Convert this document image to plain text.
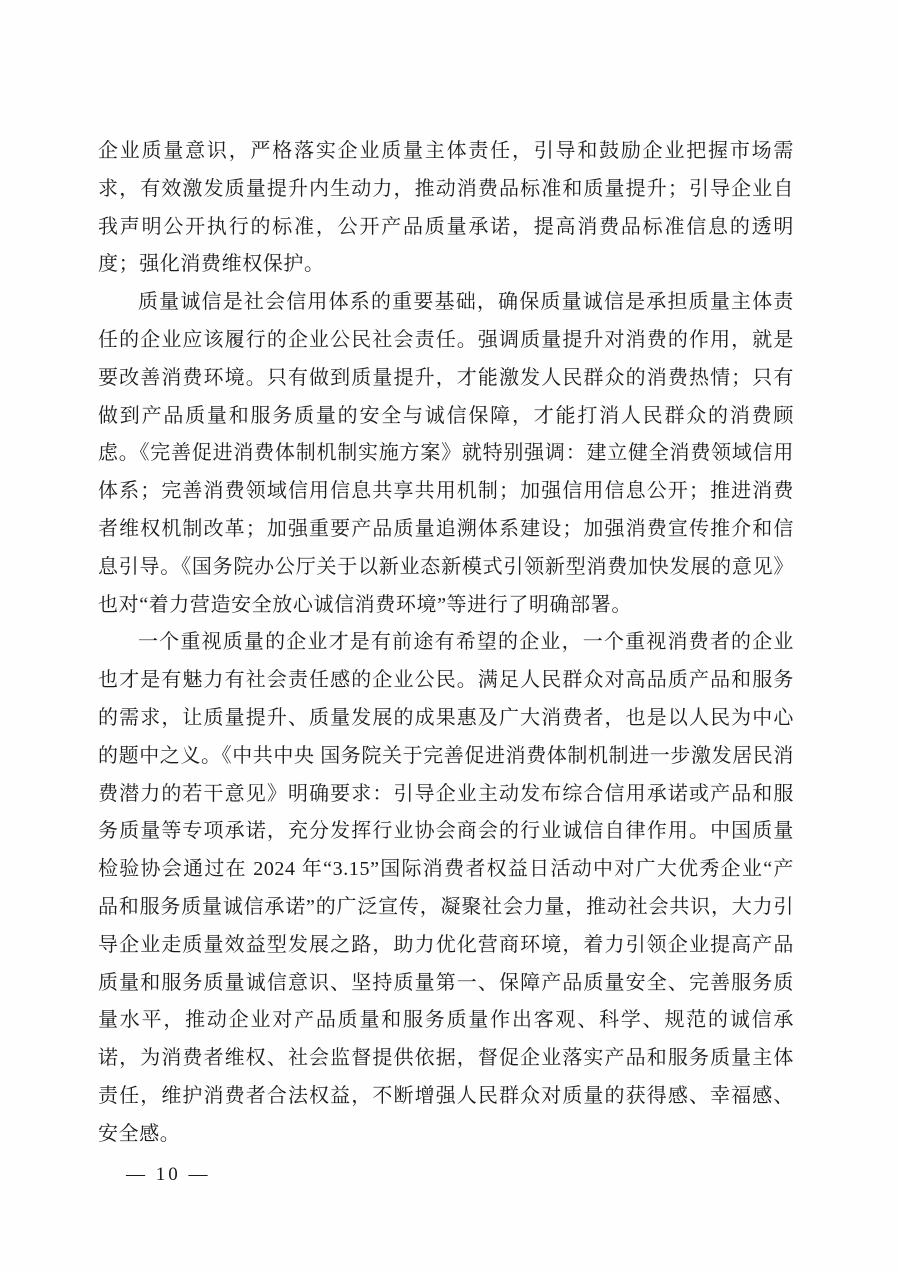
企业质量意识，严格落实企业质量主体责任，引导和鼓励企业把握市场需求，有效激发质量提升内生动力，推动消费品标准和质量提升；引导企业自我声明公开执行的标准，公开产品质量承诺，提高消费品标准信息的透明度；强化消费维权保护。

质量诚信是社会信用体系的重要基础，确保质量诚信是承担质量主体责任的企业应该履行的企业公民社会责任。强调质量提升对消费的作用，就是要改善消费环境。只有做到质量提升，才能激发人民群众的消费热情；只有做到产品质量和服务质量的安全与诚信保障，才能打消人民群众的消费顾虑。《完善促进消费体制机制实施方案》就特别强调：建立健全消费领域信用体系；完善消费领域信用信息共享共用机制；加强信用信息公开；推进消费者维权机制改革；加强重要产品质量追溯体系建设；加强消费宣传推介和信息引导。《国务院办公厅关于以新业态新模式引领新型消费加快发展的意见》也对“着力营造安全放心诚信消费环境”等进行了明确部署。

一个重视质量的企业才是有前途有希望的企业，一个重视消费者的企业也才是有魅力有社会责任感的企业公民。满足人民群众对高品质产品和服务的需求，让质量提升、质量发展的成果惠及广大消费者，也是以人民为中心的题中之义。《中共中央 国务院关于完善促进消费体制机制进一步激发居民消费潜力的若干意见》明确要求：引导企业主动发布综合信用承诺或产品和服务质量等专项承诺，充分发挥行业协会商会的行业诚信自律作用。中国质量检验协会通过在 2024 年“3.15”国际消费者权益日活动中对广大优秀企业“产品和服务质量诚信承诺”的广泛宣传，凝聚社会力量，推动社会共识，大力引导企业走质量效益型发展之路，助力优化营商环境，着力引领企业提高产品质量和服务质量诚信意识、坚持质量第一、保障产品质量安全、完善服务质量水平，推动企业对产品质量和服务质量作出客观、科学、规范的诚信承诺，为消费者维权、社会监督提供依据，督促企业落实产品和服务质量主体责任，维护消费者合法权益，不断增强人民群众对质量的获得感、幸福感、安全感。

— 10 —
